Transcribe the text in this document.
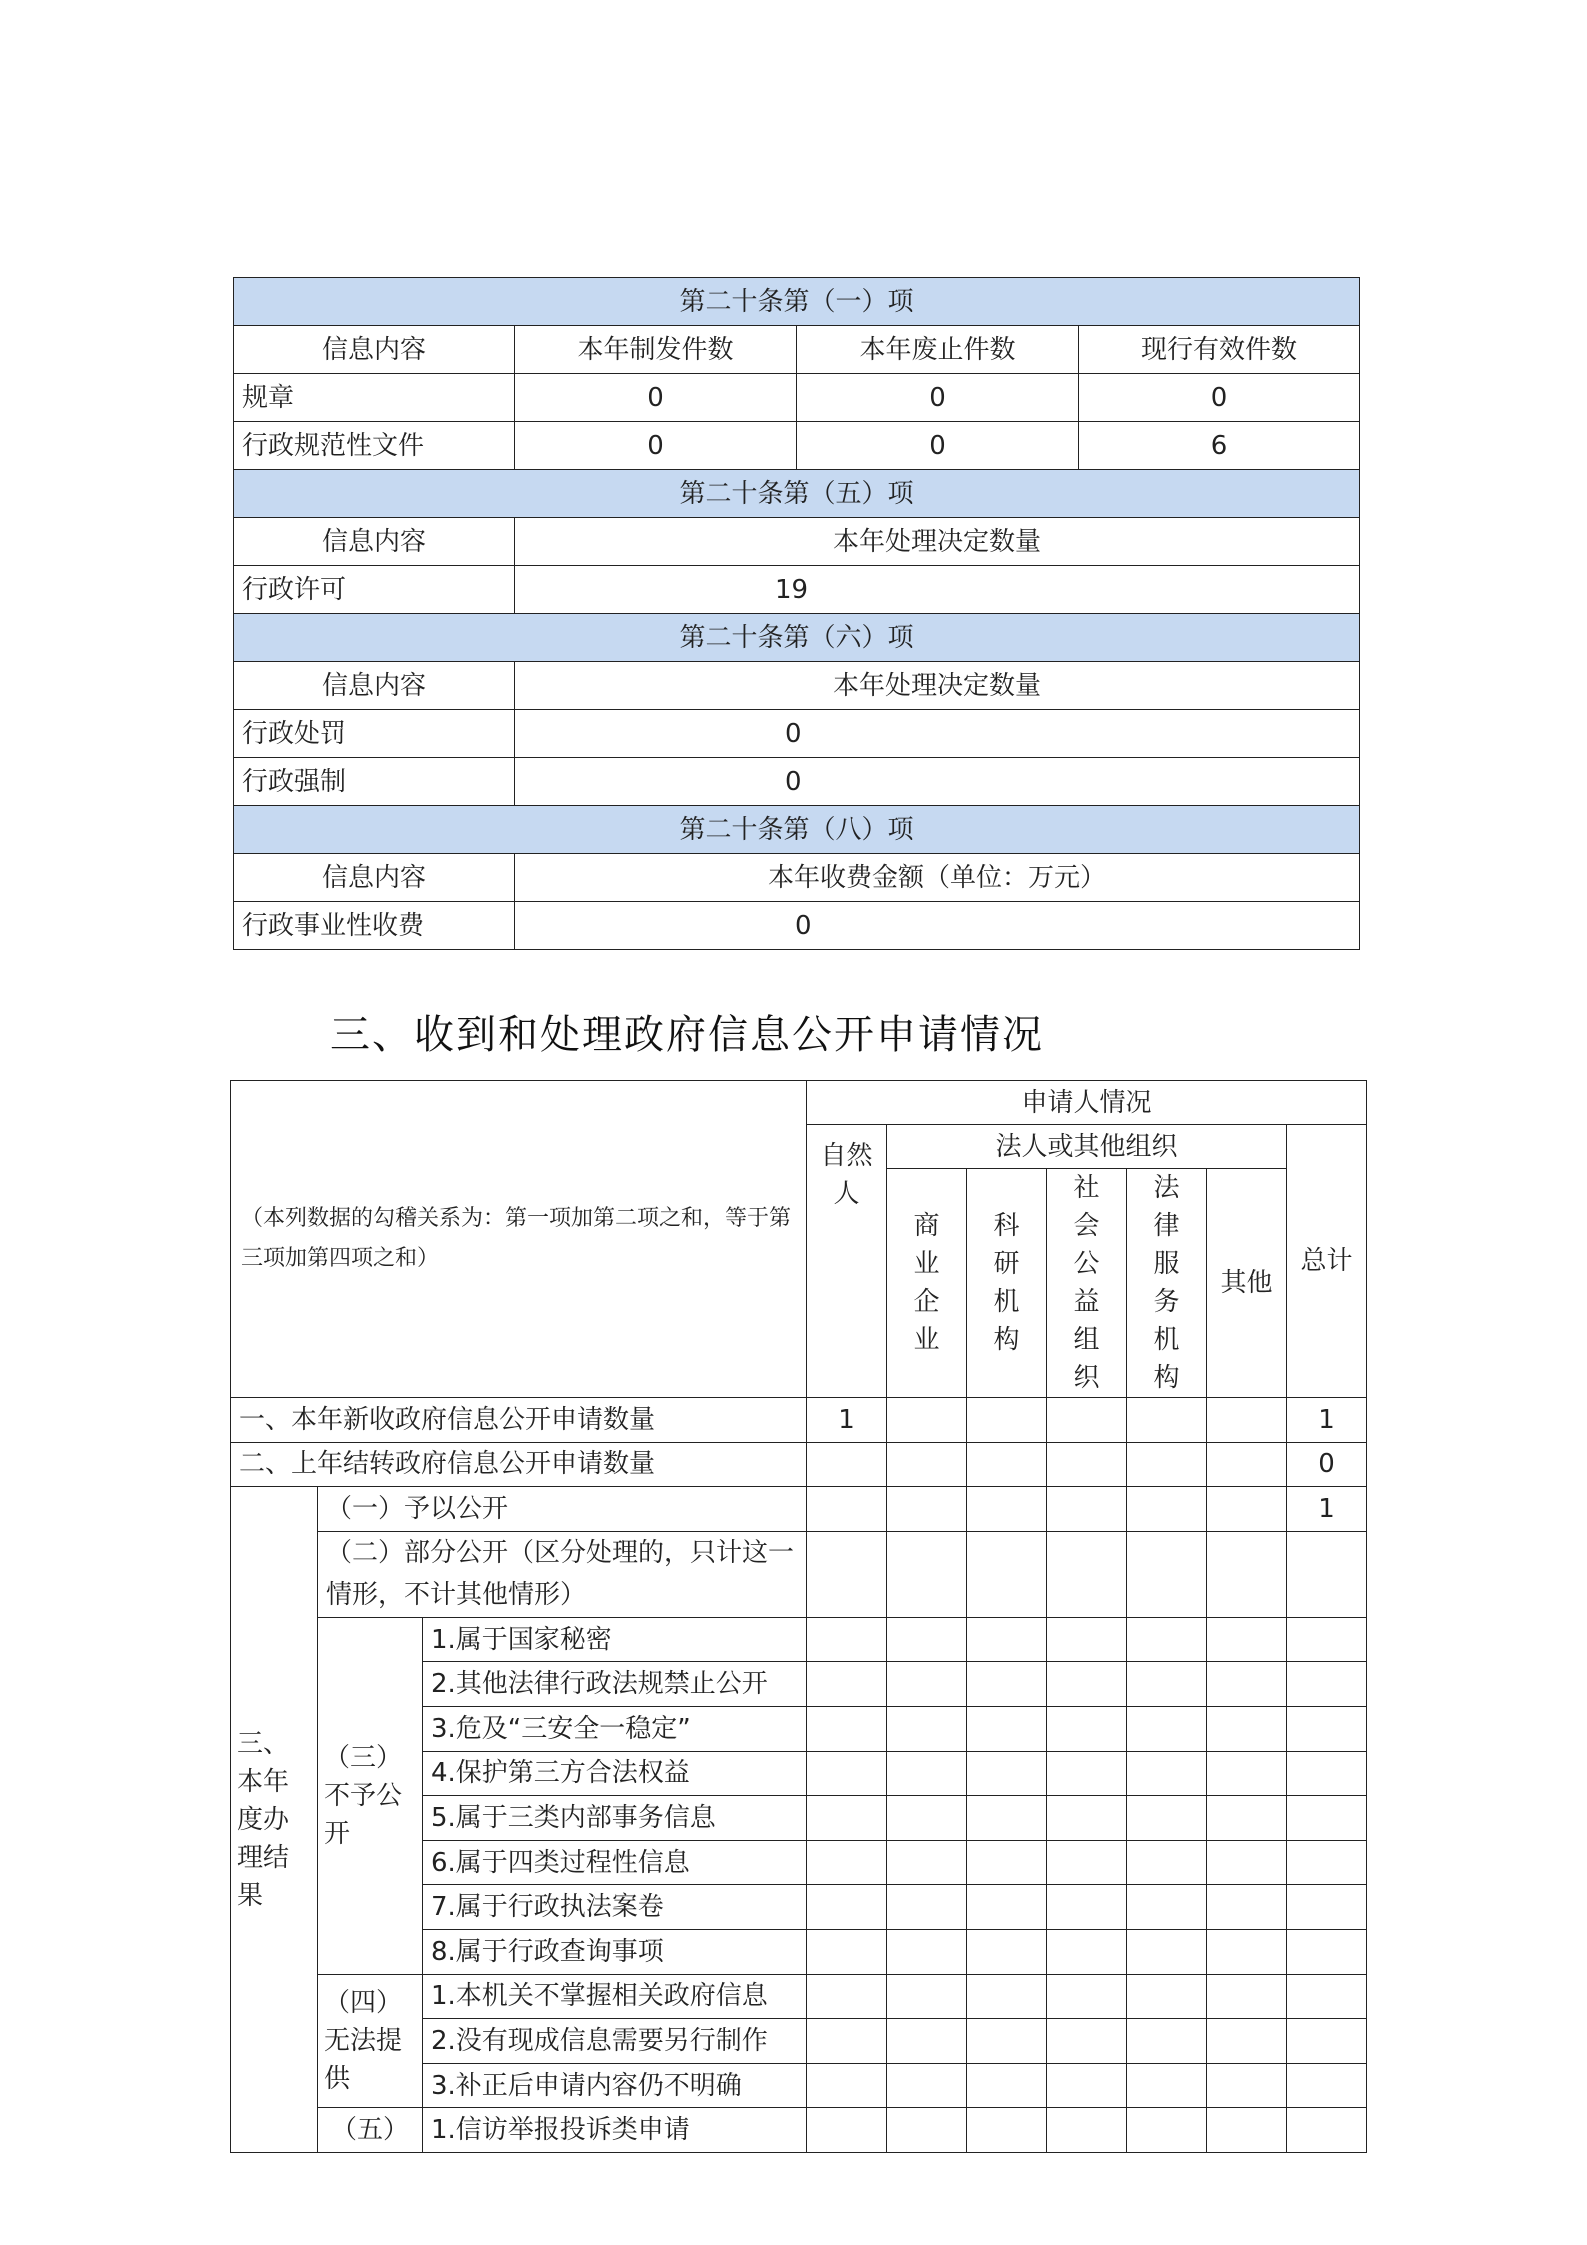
第二十条第（一）项			
信息内容	本年制发件数	本年废止件数	现行有效件数
规章	0	0	0
行政规范性文件	0	0	6
第二十条第（五）项			
信息内容	本年处理决定数量		
行政许可	19		
第二十条第（六）项			
信息内容	本年处理决定数量		
行政处罚	0		
行政强制	0		
第二十条第（八）项			
信息内容	本年收费金额（单位：万元）		
行政事业性收费	0		
三、收到和处理政府信息公开申请情况
（本列数据的勾稽关系为：第一项加第二项之和，等于第三项加第四项之和）			申请人情况						
			自然人	法人或其他组织					总计
				商业企业	科研机构	社会公益组织	法律服务机构	其他	

一、本年新收政府信息公开申请数量			1						1
二、上年结转政府信息公开申请数量									0
三、本年度办理结果	（一）予以公开								1
	（二）部分公开（区分处理的，只计这一情形，不计其他情形）								
	（三）不予公开	1.属于国家秘密							
		2.其他法律行政法规禁止公开							
		3.危及“三安全一稳定”							
		4.保护第三方合法权益							
		5.属于三类内部事务信息							
		6.属于四类过程性信息							
		7.属于行政执法案卷							
		8.属于行政查询事项							
	（四）无法提供	1.本机关不掌握相关政府信息							
		2.没有现成信息需要另行制作							
		3.补正后申请内容仍不明确							
	（五）	1.信访举报投诉类申请							
